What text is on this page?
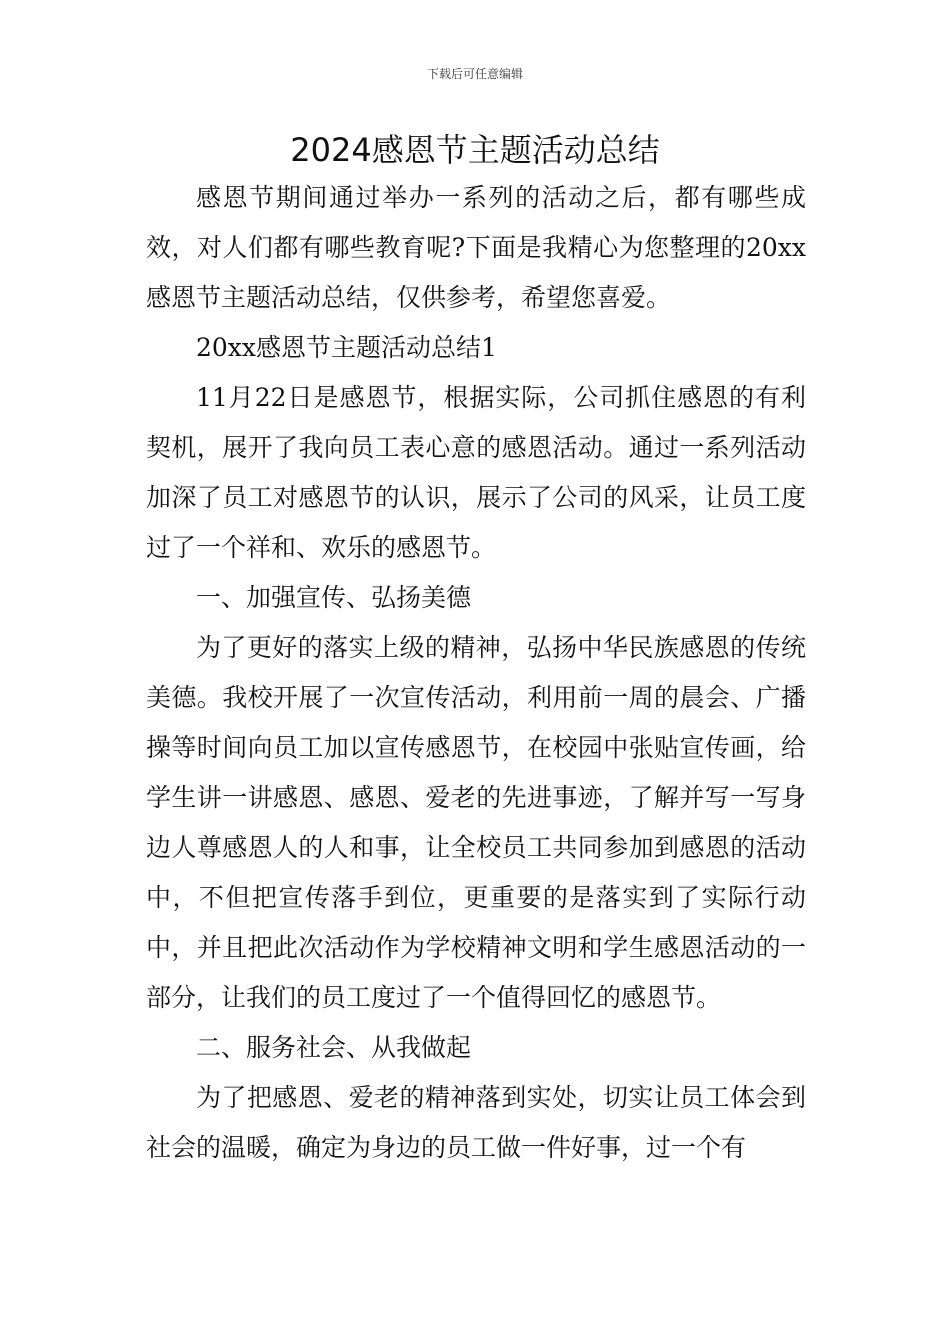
下载后可任意编辑
2024感恩节主题活动总结

感恩节期间通过举办一系列的活动之后，都有哪些成效，对人们都有哪些教育呢?下面是我精心为您整理的20xx感恩节主题活动总结，仅供参考，希望您喜爱。

20xx感恩节主题活动总结1

11月22日是感恩节，根据实际，公司抓住感恩的有利契机，展开了我向员工表心意的感恩活动。通过一系列活动加深了员工对感恩节的认识，展示了公司的风采，让员工度过了一个祥和、欢乐的感恩节。

一、加强宣传、弘扬美德

为了更好的落实上级的精神，弘扬中华民族感恩的传统美德。我校开展了一次宣传活动，利用前一周的晨会、广播操等时间向员工加以宣传感恩节，在校园中张贴宣传画，给学生讲一讲感恩、感恩、爱老的先进事迹，了解并写一写身边人尊感恩人的人和事，让全校员工共同参加到感恩的活动中，不但把宣传落手到位，更重要的是落实到了实际行动中，并且把此次活动作为学校精神文明和学生感恩活动的一部分，让我们的员工度过了一个值得回忆的感恩节。

二、服务社会、从我做起

为了把感恩、爱老的精神落到实处，切实让员工体会到社会的温暖，确定为身边的员工做一件好事，过一个有
